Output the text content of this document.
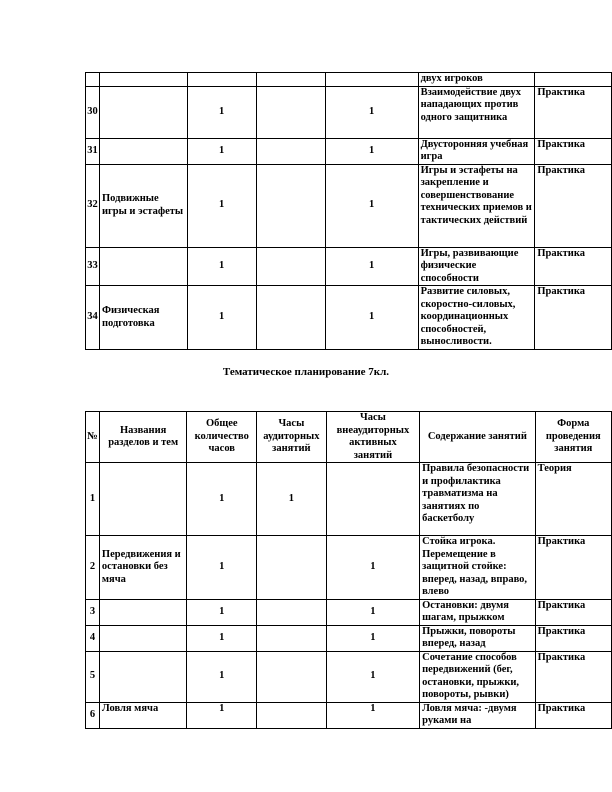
					двух игроков	
30		1		1	Взаимодействие двух нападающих против одного защитника	Практика
31		1		1	Двусторонняя учебная игра	Практика
32	Подвижные игры и эстафеты	1		1	Игры и эстафеты на закрепление и совершенствование технических приемов и тактических действий	Практика
33		1		1	Игры, развивающие физические способности	Практика
34	Физическая подготовка	1		1	Развитие силовых, скоростно-силовых, координационных способностей, выносливости.	Практика
Тематическое планирование 7кл.
№	Названия разделов и тем	Общее количество часов	Часы аудиторных занятий	Часы внеаудиторных активных занятий	Содержание занятий	Форма проведения занятия
1		1	1		Правила безопасности и профилактика травматизма на занятиях по баскетболу	Теория
2	Передвижения и остановки без мяча	1		1	Стойка игрока. Перемещение в защитной стойке: вперед, назад, вправо, влево	Практика
3		1		1	Остановки: двумя шагам, прыжком	Практика
4		1		1	Прыжки, повороты вперед, назад	Практика
5		1		1	Сочетание способов передвижений (бег, остановки, прыжки, повороты, рывки)	Практика
6	Ловля мяча	1		1	Ловля мяча: -двумя руками на	Практика
